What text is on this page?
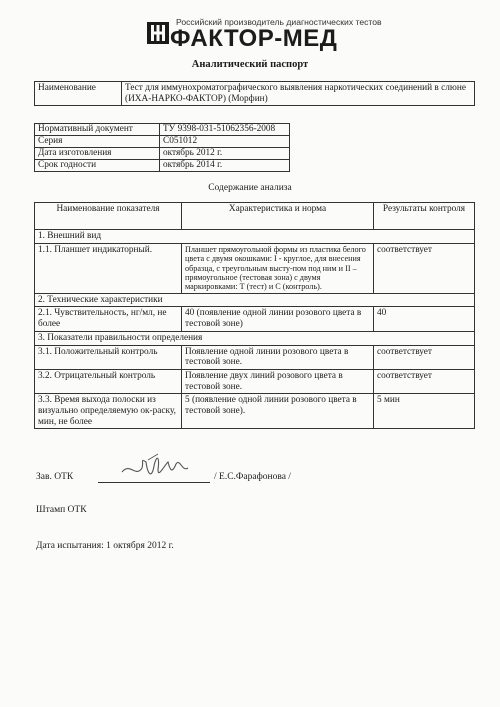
Российский производитель диагностических тестов
ФАКТОР-МЕД
Аналитический паспорт
Наименование	Тест для иммунохроматографического выявления наркотических соединений в слюне (ИХА-НАРКО-ФАКТОР) (Морфин)
Нормативный документ	ТУ 9398-031-51062356-2008
Серия	С051012
Дата изготовления	октябрь 2012 г.
Срок годности	октябрь 2014 г.
Содержание анализа
Наименование показателя	Характеристика и норма	Результаты контроля
1. Внешний вид		
1.1. Планшет индикаторный.	Планшет прямоугольной формы из пластика белого цвета с двумя окошками: I - круглое, для внесения образца, с треугольным высту-пом под ним и II – прямоугольное (тестовая зона) с двумя маркировками: Т (тест) и С (контроль).	соответствует
2. Технические характеристики		
2.1. Чувствительность, нг/мл, не более	40 (появление одной линии розового цвета в тестовой зоне)	40
3. Показатели правильности определения		
3.1. Положительный контроль	Появление одной линии розового цвета в тестовой зоне.	соответствует
3.2. Отрицательный контроль	Появление двух линий розового цвета в тестовой зоне.	соответствует
3.3. Время выхода полоски из визуально определяемую ок-раску, мин, не более	5 (появление одной линии розового цвета в тестовой зоне).	5 мин
Зав. ОТК	/ Е.С.Фарафонова /
Штамп ОТК
Дата испытания: 1 октября 2012 г.
